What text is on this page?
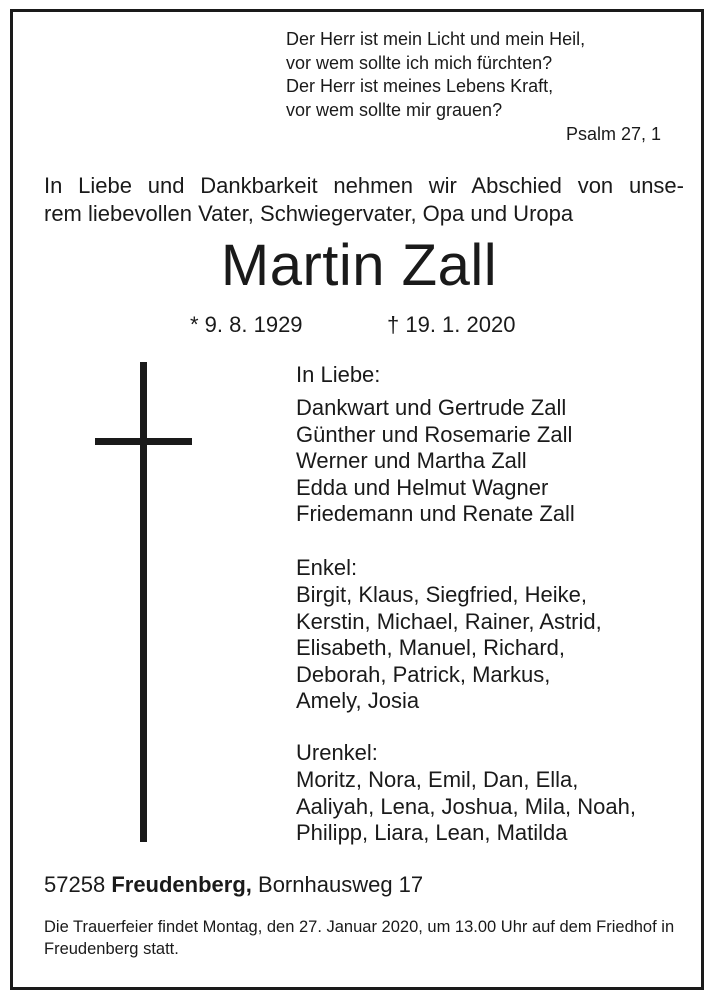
Der Herr ist mein Licht und mein Heil,
vor wem sollte ich mich fürchten?
Der Herr ist meines Lebens Kraft,
vor wem sollte mir grauen?
Psalm 27, 1
In Liebe und Dankbarkeit nehmen wir Abschied von unse-
rem liebevollen Vater, Schwiegervater, Opa und Uropa
Martin Zall
* 9. 8. 1929	† 19. 1. 2020
In Liebe:
Dankwart und Gertrude Zall
Günther und Rosemarie Zall
Werner und Martha Zall
Edda und Helmut Wagner
Friedemann und Renate Zall
Enkel:
Birgit, Klaus, Siegfried, Heike,
Kerstin, Michael, Rainer, Astrid,
Elisabeth, Manuel, Richard,
Deborah, Patrick, Markus,
Amely, Josia
Urenkel:
Moritz, Nora, Emil, Dan, Ella,
Aaliyah, Lena, Joshua, Mila, Noah,
Philipp, Liara, Lean, Matilda
57258 Freudenberg, Bornhausweg 17
Die Trauerfeier findet Montag, den 27. Januar 2020, um 13.00 Uhr auf dem Friedhof in Freudenberg statt.
